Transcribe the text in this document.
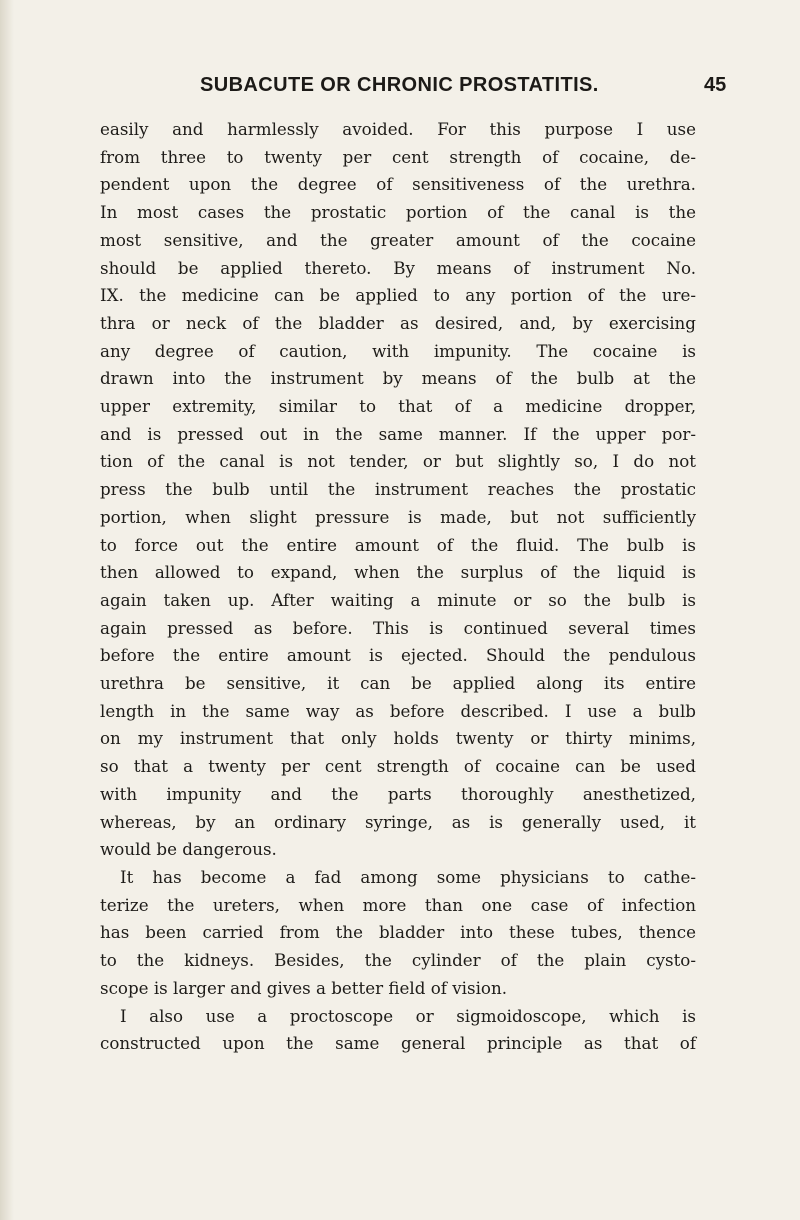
SUBACUTE OR CHRONIC PROSTATITIS.	45

easily and harmlessly avoided. For this purpose I use
from three to twenty per cent strength of cocaine, de-
pendent upon the degree of sensitiveness of the urethra.
In most cases the prostatic portion of the canal is the
most sensitive, and the greater amount of the cocaine
should be applied thereto. By means of instrument No.
IX. the medicine can be applied to any portion of the ure-
thra or neck of the bladder as desired, and, by exercising
any degree of caution, with impunity. The cocaine is
drawn into the instrument by means of the bulb at the
upper extremity, similar to that of a medicine dropper,
and is pressed out in the same manner. If the upper por-
tion of the canal is not tender, or but slightly so, I do not
press the bulb until the instrument reaches the prostatic
portion, when slight pressure is made, but not sufficiently
to force out the entire amount of the fluid. The bulb is
then allowed to expand, when the surplus of the liquid is
again taken up. After waiting a minute or so the bulb is
again pressed as before. This is continued several times
before the entire amount is ejected. Should the pendulous
urethra be sensitive, it can be applied along its entire
length in the same way as before described. I use a bulb
on my instrument that only holds twenty or thirty minims,
so that a twenty per cent strength of cocaine can be used
with impunity and the parts thoroughly anesthetized,
whereas, by an ordinary syringe, as is generally used, it
would be dangerous.

It has become a fad among some physicians to cathe-
terize the ureters, when more than one case of infection
has been carried from the bladder into these tubes, thence
to the kidneys. Besides, the cylinder of the plain cysto-
scope is larger and gives a better field of vision.

I also use a proctoscope or sigmoidoscope, which is
constructed upon the same general principle as that of
